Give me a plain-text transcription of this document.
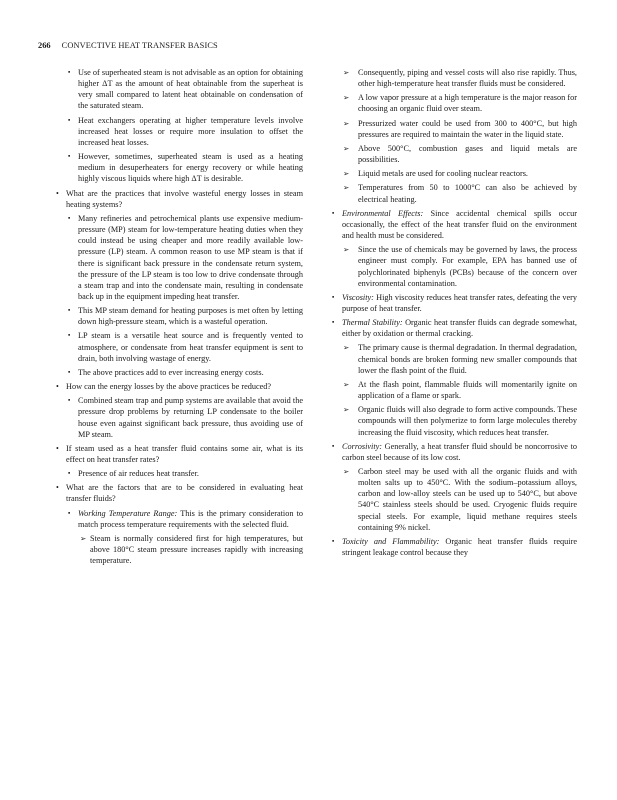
266 CONVECTIVE HEAT TRANSFER BASICS
▪ Use of superheated steam is not advisable as an option for obtaining higher ΔT as the amount of heat obtainable from the superheat is very small compared to latent heat obtainable on condensation of the saturated steam.
▪ Heat exchangers operating at higher temperature levels involve increased heat losses or require more insulation to offset the increased heat losses.
▪ However, sometimes, superheated steam is used as a heating medium in desuperheaters for energy recovery or while heating highly viscous liquids where high ΔT is desirable.
• What are the practices that involve wasteful energy losses in steam heating systems?
▪ Many refineries and petrochemical plants use expensive medium-pressure (MP) steam for low-temperature heating duties when they could instead be using cheaper and more readily available low-pressure (LP) steam. A common reason to use MP steam is that if there is significant back pressure in the condensate return system, the pressure of the LP steam is too low to drive condensate through a steam trap and into the condensate main, resulting in condensate back up in the equipment impeding heat transfer.
▪ This MP steam demand for heating purposes is met often by letting down high-pressure steam, which is a wasteful operation.
▪ LP steam is a versatile heat source and is frequently vented to atmosphere, or condensate from heat transfer equipment is sent to drain, both involving wastage of energy.
▪ The above practices add to ever increasing energy costs.
• How can the energy losses by the above practices be reduced?
▪ Combined steam trap and pump systems are available that avoid the pressure drop problems by returning LP condensate to the boiler house even against significant back pressure, thus avoiding use of MP steam.
• If steam used as a heat transfer fluid contains some air, what is its effect on heat transfer rates?
▪ Presence of air reduces heat transfer.
• What are the factors that are to be considered in evaluating heat transfer fluids?
▪ Working Temperature Range: This is the primary consideration to match process temperature requirements with the selected fluid.
➢ Steam is normally considered first for high temperatures, but above 180°C steam pressure increases rapidly with increasing temperature.
➢ Consequently, piping and vessel costs will also rise rapidly. Thus, other high-temperature heat transfer fluids must be considered.
➢ A low vapor pressure at a high temperature is the major reason for choosing an organic fluid over steam.
➢ Pressurized water could be used from 300 to 400°C, but high pressures are required to maintain the water in the liquid state.
➢ Above 500°C, combustion gases and liquid metals are possibilities.
➢ Liquid metals are used for cooling nuclear reactors.
➢ Temperatures from 50 to 1000°C can also be achieved by electrical heating.
▪ Environmental Effects: Since accidental chemical spills occur occasionally, the effect of the heat transfer fluid on the environment and health must be considered.
➢ Since the use of chemicals may be governed by laws, the process engineer must comply. For example, EPA has banned use of polychlorinated biphenyls (PCBs) because of the concern over environmental contamination.
▪ Viscosity: High viscosity reduces heat transfer rates, defeating the very purpose of heat transfer.
▪ Thermal Stability: Organic heat transfer fluids can degrade somewhat, either by oxidation or thermal cracking.
➢ The primary cause is thermal degradation. In thermal degradation, chemical bonds are broken forming new smaller compounds that lower the flash point of the fluid.
➢ At the flash point, flammable fluids will momentarily ignite on application of a flame or spark.
➢ Organic fluids will also degrade to form active compounds. These compounds will then polymerize to form large molecules thereby increasing the fluid viscosity, which reduces heat transfer.
▪ Corrosivity: Generally, a heat transfer fluid should be noncorrosive to carbon steel because of its low cost.
➢ Carbon steel may be used with all the organic fluids and with molten salts up to 450°C. With the sodium–potassium alloys, carbon and low-alloy steels can be used up to 540°C, but above 540°C stainless steels should be used. Cryogenic fluids require special steels. For example, liquid methane requires steels containing 9% nickel.
▪ Toxicity and Flammability: Organic heat transfer fluids require stringent leakage control because they
